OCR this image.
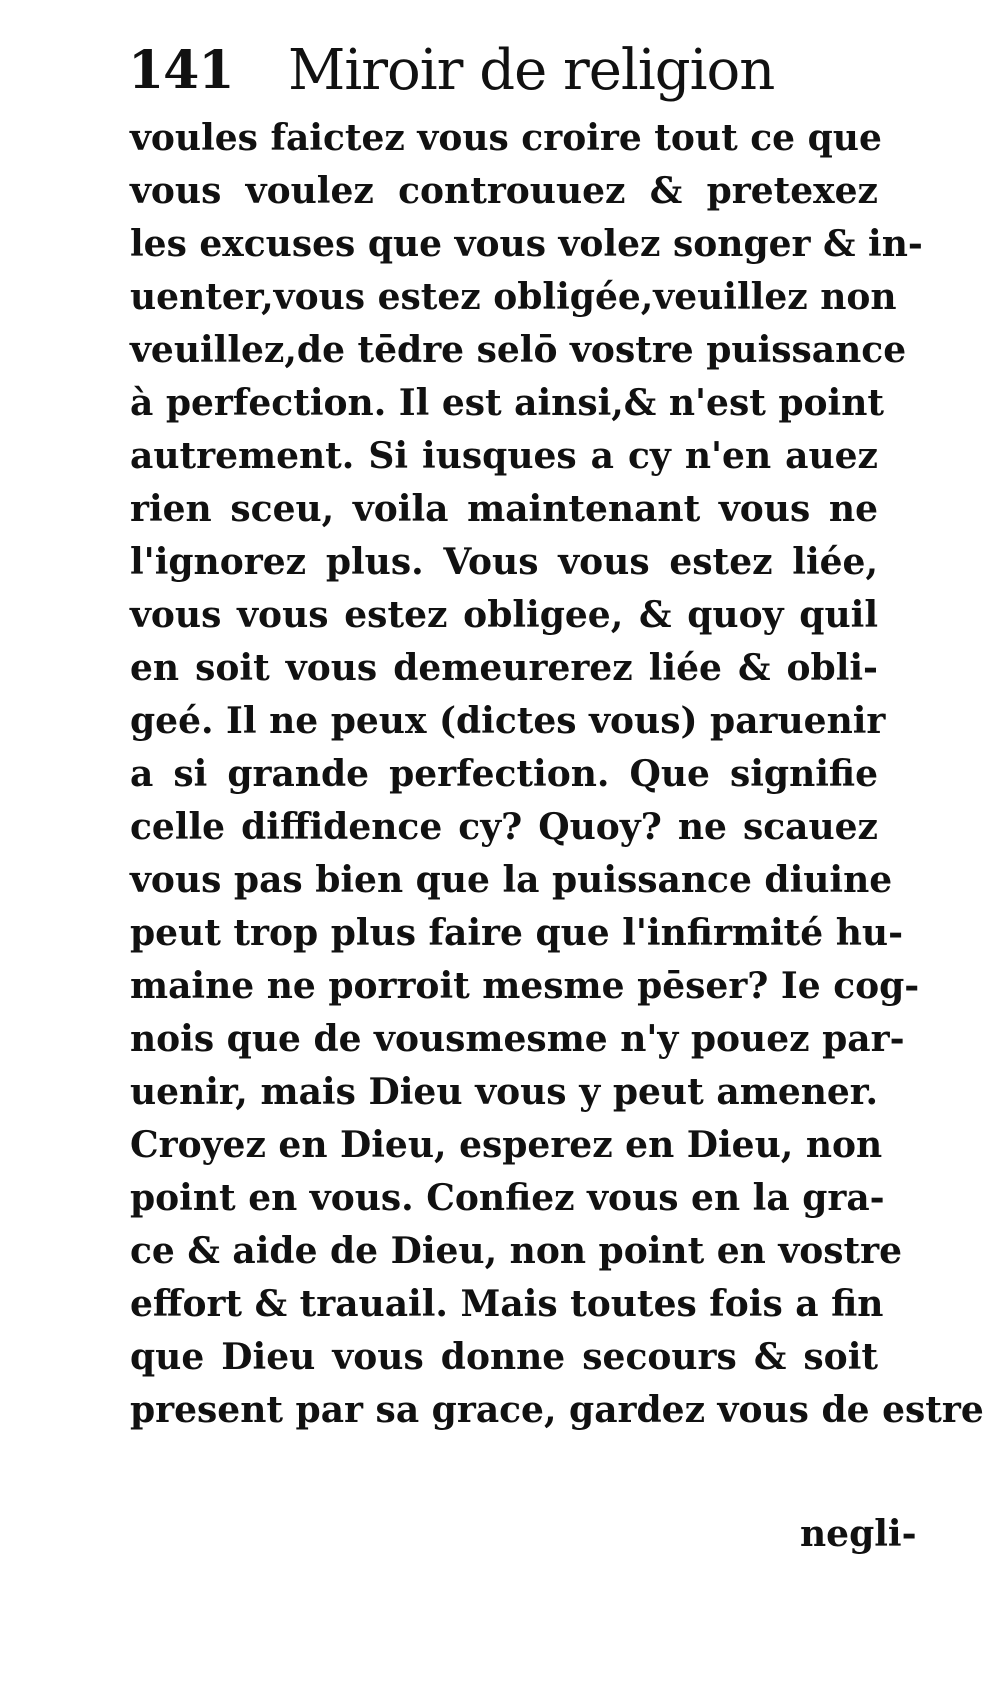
141 Miroir de religion
voules faictez vous croire tout ce que
vous voulez controuuez & pretexez
les excuses que vous volez songer & in-
uenter,vous estez obligée,veuillez non
veuillez,de tēdre selō vostre puissance
à perfection. Il est ainsi,& n'est point
autrement. Si iusques a cy n'en auez
rien sceu, voila maintenant vous ne
l'ignorez plus. Vous vous estez liée,
vous vous estez obligee, & quoy quil
en soit vous demeurerez liée & obli-
geé. Il ne peux (dictes vous) paruenir
a si grande perfection. Que signifie
celle diffidence cy? Quoy? ne scauez
vous pas bien que la puissance diuine
peut trop plus faire que l'infirmité hu-
maine ne porroit mesme pēser? Ie cog-
nois que de vousmesme n'y pouez par-
uenir, mais Dieu vous y peut amener.
Croyez en Dieu, esperez en Dieu, non
point en vous. Confiez vous en la gra-
ce & aide de Dieu, non point en vostre
effort & trauail. Mais toutes fois a fin
que Dieu vous donne secours & soit
present par sa grace, gardez vous de estre
negli-
